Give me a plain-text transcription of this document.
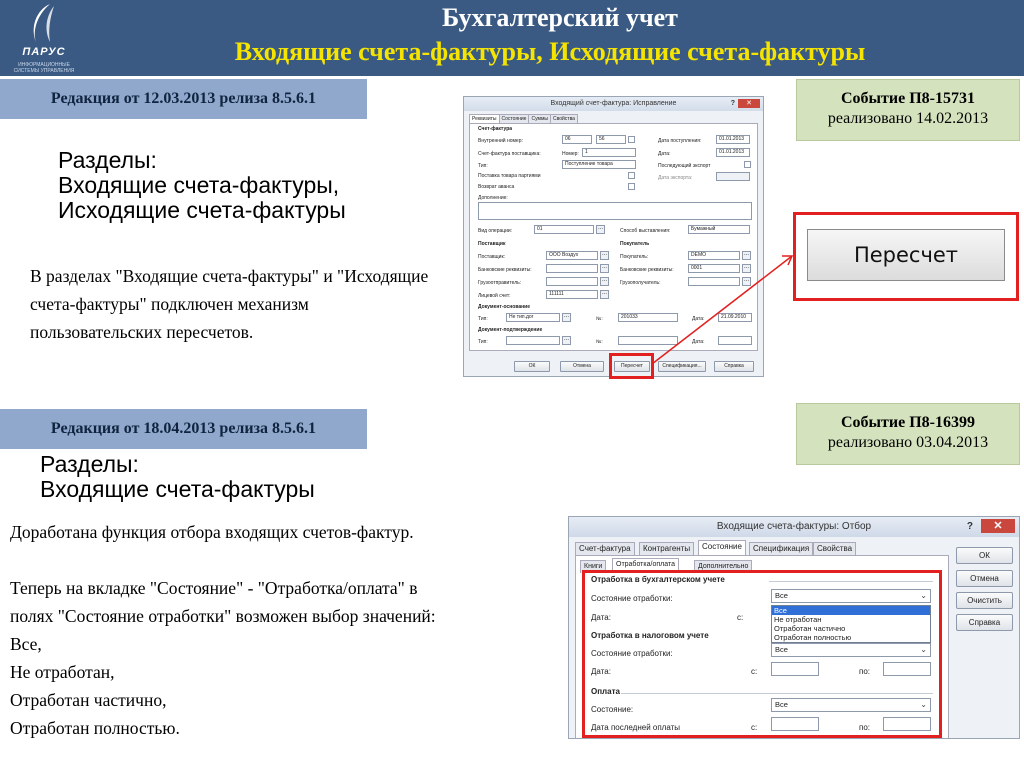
ПАРУС
ИНФОРМАЦИОННЫЕ СИСТЕМЫ УПРАВЛЕНИЯ
Бухгалтерский учет
Входящие счета-фактуры, Исходящие счета-фактуры
Редакция от 12.03.2013 релиза 8.5.6.1	Событие П8-15731
реализовано 14.02.2013
Разделы:
Входящие счета-фактуры,
Исходящие счета-фактуры
В разделах "Входящие счета-фактуры" и "Исходящие счета-фактуры" подключен механизм пользовательских пересчетов.
Входящий счет-фактура: Исправление	?	✕
Реквизиты Состояние Суммы Свойства
Счет-фактура
Внутренний номер:	06	56	Дата поступления:	01.01.2013
Счет-фактура поставщика:	Номер:	1	Дата:	01.01.2013
Тип:	Поступление товара	Последующий экспорт
Поставка товара партиями	Дата экспорта:
Возврат аванса
Дополнение:
Вид операции:	01	...	Способ выставления:	Бумажный
Поставщик	Покупатель
Поставщик:	ООО Воздух	...	Покупатель:	DEMO	...
Банковские реквизиты:	...	Банковские реквизиты:	0001	...
Грузоотправитель:	...	Грузополучатель:	...
Лицевой счет:	111111	...
Документ-основание
Тип:	Не тип.дог	...	№:	201033	Дата:	21.09.2010
Документ-подтверждение
Тип:	...	№:	Дата:
ОК	Отмена	Пересчет	Спецификация...	Справка
Пересчет
Редакция от 18.04.2013 релиза 8.5.6.1	Событие П8-16399
реализовано 03.04.2013
Разделы:
Входящие счета-фактуры
Доработана функция отбора входящих счетов-фактур.
Теперь на вкладке "Состояние" - "Отработка/оплата" в
полях "Состояние отработки" возможен выбор значений:
Все,
Не отработан,
Отработан частично,
Отработан полностью.
Входящие счета-фактуры: Отбор	?	✕
Счет-фактура	Контрагенты	Состояние	Спецификация Свойства
Книги	Отработка/оплата	Дополнительно
Отработка в бухгалтерском учете
Состояние отработки:	Все	⌄
Дата:	с:
Все
Не отработан
Отработан частично
Отработан полностью
Отработка в налоговом учете
Состояние отработки:	Все	⌄
Дата:	с:	по:
Оплата
Состояние:
Все	⌄
Дата последней оплаты	с:	по:
ОК
Отмена
Очистить
Справка
